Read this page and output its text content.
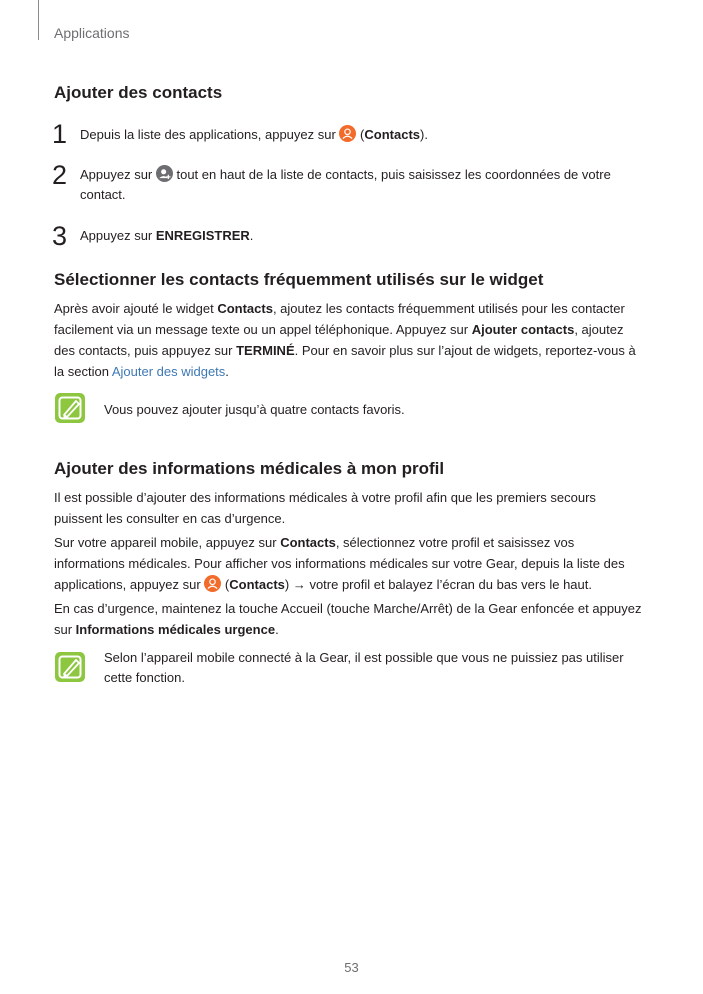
Applications
Ajouter des contacts
1 Depuis la liste des applications, appuyez sur  (Contacts).
2 Appuyez sur  tout en haut de la liste de contacts, puis saisissez les coordonnées de votre contact.
3 Appuyez sur ENREGISTRER.
Sélectionner les contacts fréquemment utilisés sur le widget
Après avoir ajouté le widget Contacts, ajoutez les contacts fréquemment utilisés pour les contacter facilement via un message texte ou un appel téléphonique. Appuyez sur Ajouter contacts, ajoutez des contacts, puis appuyez sur TERMINÉ. Pour en savoir plus sur l’ajout de widgets, reportez-vous à la section Ajouter des widgets.
Vous pouvez ajouter jusqu’à quatre contacts favoris.
Ajouter des informations médicales à mon profil
Il est possible d’ajouter des informations médicales à votre profil afin que les premiers secours puissent les consulter en cas d’urgence.
Sur votre appareil mobile, appuyez sur Contacts, sélectionnez votre profil et saisissez vos informations médicales. Pour afficher vos informations médicales sur votre Gear, depuis la liste des applications, appuyez sur  (Contacts) → votre profil et balayez l’écran du bas vers le haut.
En cas d’urgence, maintenez la touche Accueil (touche Marche/Arrêt) de la Gear enfoncée et appuyez sur Informations médicales urgence.
Selon l’appareil mobile connecté à la Gear, il est possible que vous ne puissiez pas utiliser cette fonction.
53
